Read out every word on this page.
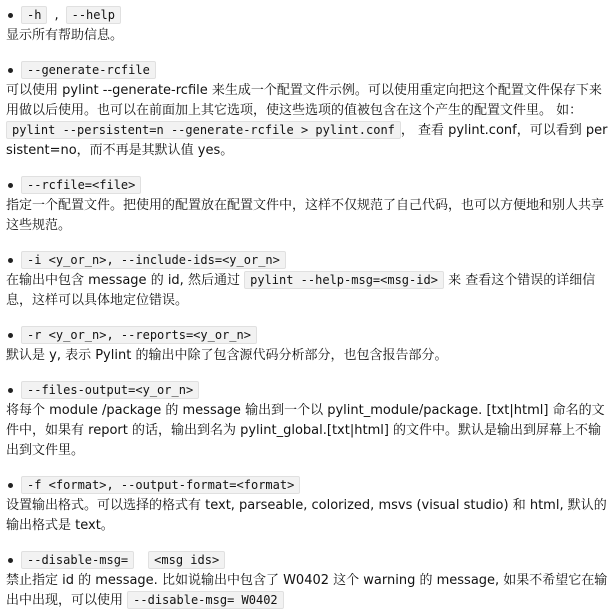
-h , --help
显示所有帮助信息。
--generate-rcfile
可以使用 pylint --generate-rcfile 来生成一个配置文件示例。可以使用重定向把这个配置文件保存下来用做以后使用。也可以在前面加上其它选项，使这些选项的值被包含在这个产生的配置文件里。 如： pylint --persistent=n --generate-rcfile > pylint.conf ， 查看 pylint.conf，可以看到 persistent=no，而不再是其默认值 yes。
--rcfile=<file>
指定一个配置文件。把使用的配置放在配置文件中，这样不仅规范了自己代码，也可以方便地和别人共享这些规范。
-i <y_or_n>, --include-ids=<y_or_n>
在输出中包含 message 的 id, 然后通过 pylint --help-msg=<msg-id> 来 查看这个错误的详细信息，这样可以具体地定位错误。
-r <y_or_n>, --reports=<y_or_n>
默认是 y, 表示 Pylint 的输出中除了包含源代码分析部分，也包含报告部分。
--files-output=<y_or_n>
将每个 module /package 的 message 输出到一个以 pylint_module/package. [txt|html] 命名的文件中，如果有 report 的话，输出到名为 pylint_global.[txt|html] 的文件中。默认是输出到屏幕上不输出到文件里。
-f <format>, --output-format=<format>
设置输出格式。可以选择的格式有 text, parseable, colorized, msvs (visual studio) 和 html, 默认的输出格式是 text。
--disable-msg= <msg ids>
禁止指定 id 的 message. 比如说输出中包含了 W0402 这个 warning 的 message, 如果不希望它在输出中出现，可以使用 --disable-msg= W0402
